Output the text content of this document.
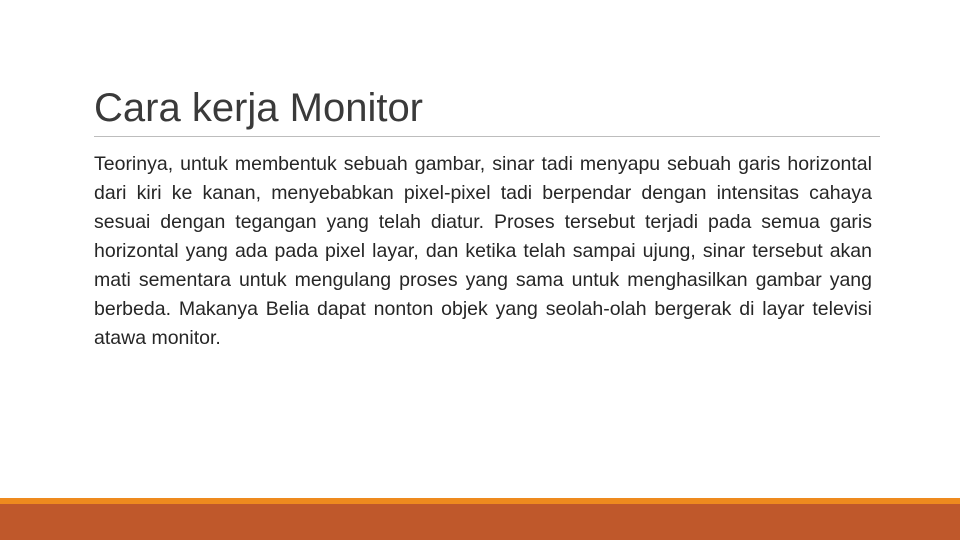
Cara kerja Monitor

Teorinya, untuk membentuk sebuah gambar, sinar tadi menyapu sebuah garis horizontal dari kiri ke kanan, menyebabkan pixel-pixel tadi berpendar dengan intensitas cahaya sesuai dengan tegangan yang telah diatur. Proses tersebut terjadi pada semua garis horizontal yang ada pada pixel layar, dan ketika telah sampai ujung, sinar tersebut akan mati sementara untuk mengulang proses yang sama untuk menghasilkan gambar yang berbeda. Makanya Belia dapat nonton objek yang seolah-olah bergerak di layar televisi atawa monitor.
